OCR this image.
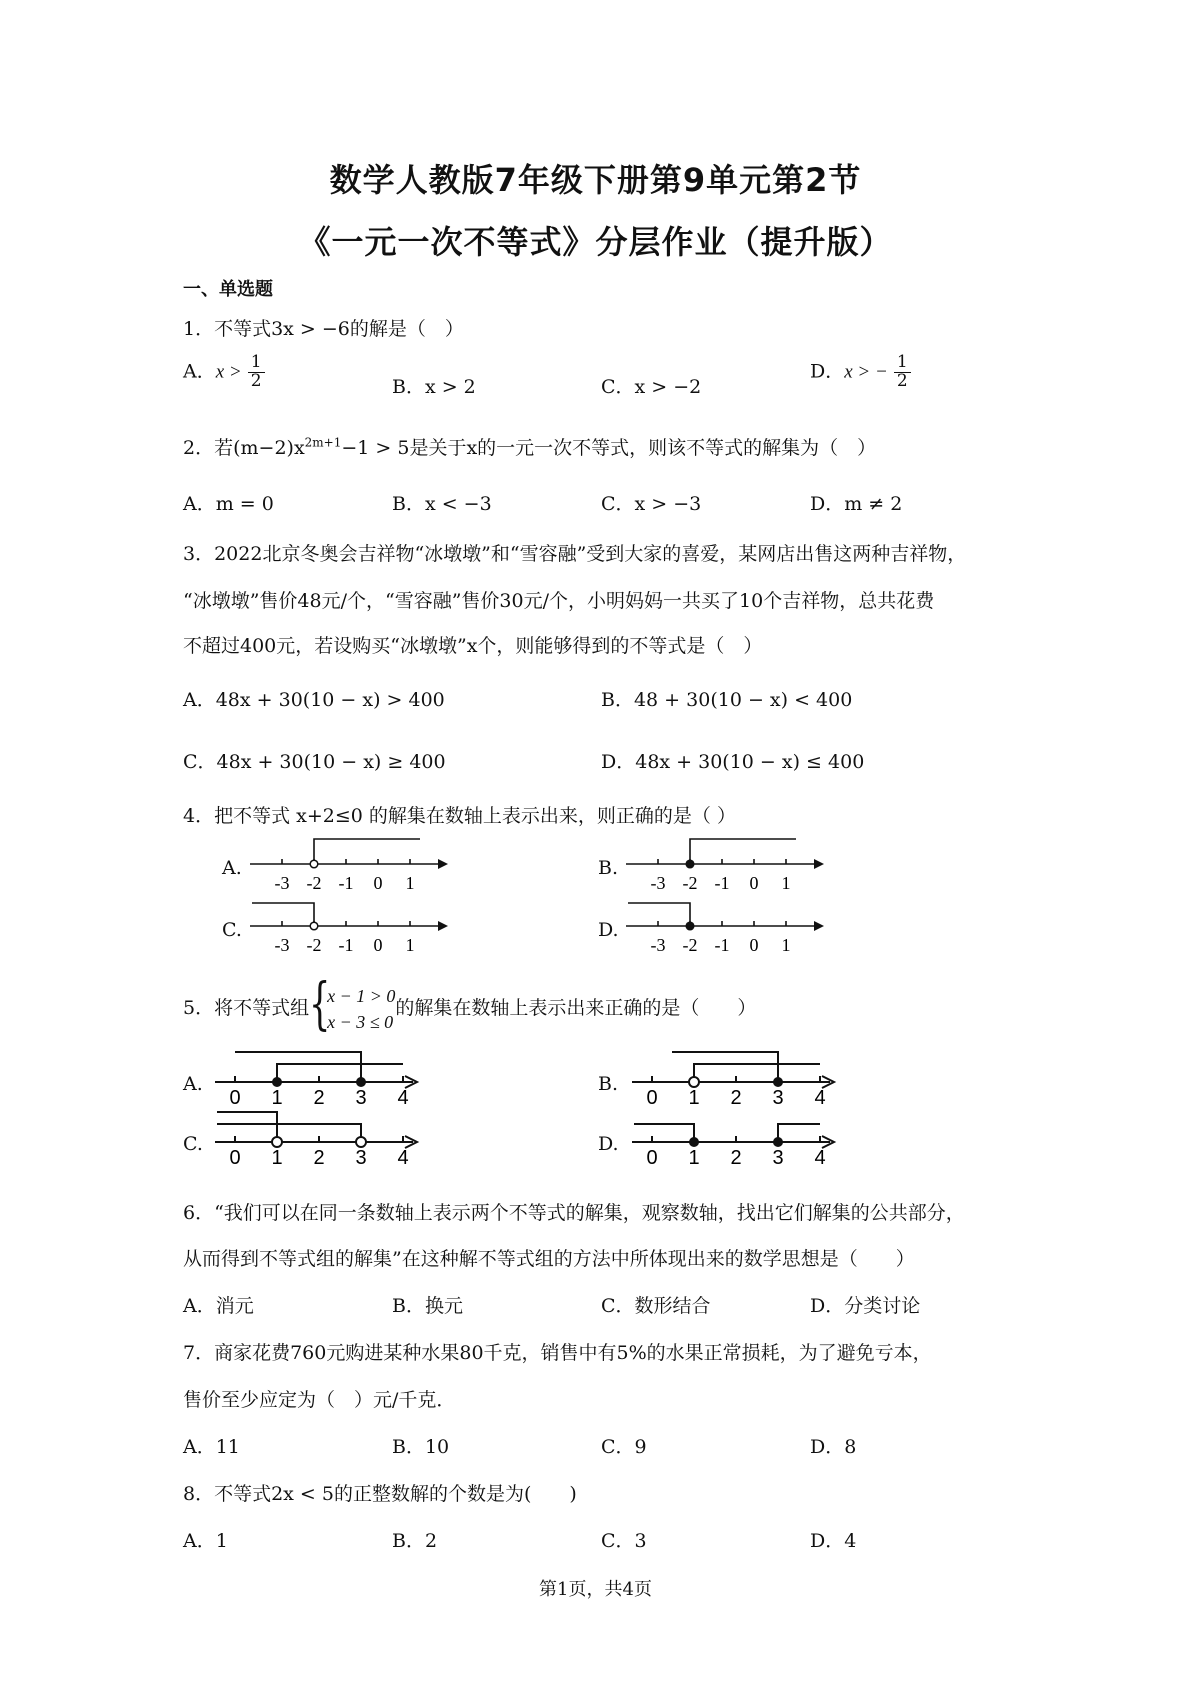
数学人教版7年级下册第9单元第2节
《一元一次不等式》分层作业（提升版）
一、单选题
1．不等式3x > −6的解是（　）
A．$x > \frac{1}{2}$	B．x > 2	C．x > −2
D．x > − $\frac{1}{2}$
2．若$(m-2)x^{2m+1}-1 > 5$是关于x的一元一次不等式，则该不等式的解集为（　）
A．m = 0	B．x < −3	C．x > −3	D．m ≠ 2
3．2022北京冬奥会吉祥物“冰墩墩”和“雪容融”受到大家的喜爱，某网店出售这两种吉祥物，
“冰墩墩”售价48元/个，“雪容融”售价30元/个，小明妈妈一共买了10个吉祥物，总共花费
不超过400元，若设购买“冰墩墩”x个，则能够得到的不等式是（　）
A．48x + 30(10 − x) > 400	B．48 + 30(10 − x) < 400
C．48x + 30(10 − x) ≥ 400	D．48x + 30(10 − x) ≤ 400
4．把不等式 x+2≤0 的解集在数轴上表示出来，则正确的是（ ）
A.
-3 -2 -1 0 1
B.
-3 -2 -1 0 1
C.
-3 -2 -1 0 1
D.
-3 -2 -1 0 1
5．将不等式组 {
x − 1 > 0
x − 3 ≤ 0
的解集在数轴上表示出来正确的是（　　）
A.
0 1 2 3 4
B.
0 1 2 3 4
C.
0 1 2 3 4
D.
0 1 2 3 4
6．“我们可以在同一条数轴上表示两个不等式的解集，观察数轴，找出它们解集的公共部分，
从而得到不等式组的解集”在这种解不等式组的方法中所体现出来的数学思想是（　　）
A．消元	B．换元	C．数形结合	D．分类讨论
7．商家花费760元购进某种水果80千克，销售中有5%的水果正常损耗，为了避免亏本，
售价至少应定为（　）元/千克．
A．11	B．10	C．9	D．8
8．不等式2x < 5的正整数解的个数是为(　　)
A．1	B．2	C．3	D．4
第1页，共4页
